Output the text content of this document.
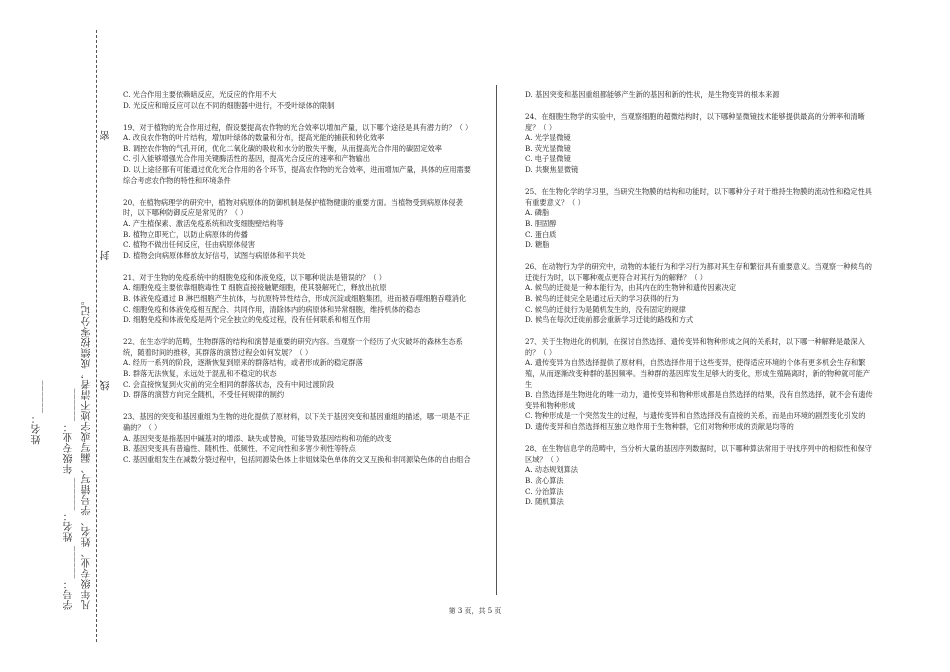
学号：______ 姓名：______ 年级专业：______ 凡年级专业、姓名、学号错写、漏写或字迹不清者，成绩按零分记。
姓名：______
密
封
线

C. 光合作用主要依赖暗反应，光反应的作用不大

D. 光反应和暗反应可以在不同的细胞器中进行，不受叶绿体的限制

19、对于植物的光合作用过程，假设要提高农作物的光合效率以增加产量，以下哪个途径是具有潜力的？（ ）

A. 改良农作物的叶片结构，增加叶绿体的数量和分布，提高光能的捕获和转化效率

B. 调控农作物的气孔开闭，优化二氧化碳的吸收和水分的散失平衡，从而提高光合作用的碳固定效率

C. 引入能够增强光合作用关键酶活性的基因，提高光合反应的速率和产物输出

D. 以上途径都有可能通过优化光合作用的各个环节，提高农作物的光合效率，进而增加产量，具体的应用需要综合考虑农作物的特性和环境条件

20、在植物病理学的研究中，植物对病原体的防御机制是保护植物健康的重要方面。当植物受到病原体侵袭时，以下哪种防御反应是常见的？（ ）

A. 产生植保素、激活免疫系统和改变细胞壁结构等

B. 植物立即死亡，以防止病原体的传播

C. 植物不做出任何反应，任由病原体侵害

D. 植物会向病原体释放友好信号，试图与病原体和平共处

21、对于生物的免疫系统中的细胞免疫和体液免疫，以下哪种说法是错误的？（ ）

A. 细胞免疫主要依靠细胞毒性 T 细胞直接接触靶细胞，使其裂解死亡，释放出抗原

B. 体液免疫通过 B 淋巴细胞产生抗体，与抗原特异性结合，形成沉淀或细胞集团，进而被吞噬细胞吞噬消化

C. 细胞免疫和体液免疫相互配合、共同作用，清除体内的病原体和异常细胞，维持机体的稳态

D. 细胞免疫和体液免疫是两个完全独立的免疫过程，没有任何联系和相互作用

22、在生态学的范畴，生物群落的结构和演替是重要的研究内容。当观察一个经历了火灾破坏的森林生态系统，随着时间的推移，其群落的演替过程会如何发展？（ ）

A. 经历一系列的阶段，逐渐恢复到原来的群落结构，或者形成新的稳定群落

B. 群落无法恢复，永远处于混乱和不稳定的状态

C. 会直接恢复到火灾前的完全相同的群落状态，没有中间过渡阶段

D. 群落的演替方向完全随机，不受任何规律的制约

23、基因的突变和基因重组为生物的进化提供了原材料，以下关于基因突变和基因重组的描述，哪一项是不正确的？（ ）

A. 基因突变是指基因中碱基对的增添、缺失或替换，可能导致基因结构和功能的改变

B. 基因突变具有普遍性、随机性、低频性、不定向性和多害少利性等特点

C. 基因重组发生在减数分裂过程中，包括同源染色体上非姐妹染色单体的交叉互换和非同源染色体的自由组合

D. 基因突变和基因重组都能够产生新的基因和新的性状，是生物变异的根本来源

24、在细胞生物学的实验中，当观察细胞的超微结构时，以下哪种显微镜技术能够提供最高的分辨率和清晰度？（ ）

A. 光学显微镜

B. 荧光显微镜

C. 电子显微镜

D. 共聚焦显微镜

25、在生物化学的学习里，当研究生物膜的结构和功能时，以下哪种分子对于维持生物膜的流动性和稳定性具有重要意义？（ ）

A. 磷脂

B. 胆固醇

C. 蛋白质

D. 糖脂

26、在动物行为学的研究中，动物的本能行为和学习行为都对其生存和繁衍具有重要意义。当观察一种候鸟的迁徙行为时，以下哪种观点更符合对其行为的解释？（ ）

A. 候鸟的迁徙是一种本能行为，由其内在的生物钟和遗传因素决定

B. 候鸟的迁徙完全是通过后天的学习获得的行为

C. 候鸟的迁徙行为是随机发生的，没有固定的规律

D. 候鸟在每次迁徙前都会重新学习迁徙的路线和方式

27、关于生物进化的机制，在探讨自然选择、遗传变异和物种形成之间的关系时，以下哪一种解释是最深入的？（ ）

A. 遗传变异为自然选择提供了原材料，自然选择作用于这些变异，使得适应环境的个体有更多机会生存和繁殖，从而逐渐改变种群的基因频率。当种群的基因库发生足够大的变化，形成生殖隔离时，新的物种就可能产生

B. 自然选择是生物进化的唯一动力，遗传变异和物种形成都是自然选择的结果，没有自然选择，就不会有遗传变异和物种形成

C. 物种形成是一个突然发生的过程，与遗传变异和自然选择没有直接的关系，而是由环境的剧烈变化引发的

D. 遗传变异和自然选择相互独立地作用于生物种群，它们对物种形成的贡献是均等的

28、在生物信息学的范畴中，当分析大量的基因序列数据时，以下哪种算法常用于寻找序列中的相似性和保守区域？（ ）

A. 动态规划算法

B. 贪心算法

C. 分治算法

D. 随机算法

第 3 页，共 5 页
